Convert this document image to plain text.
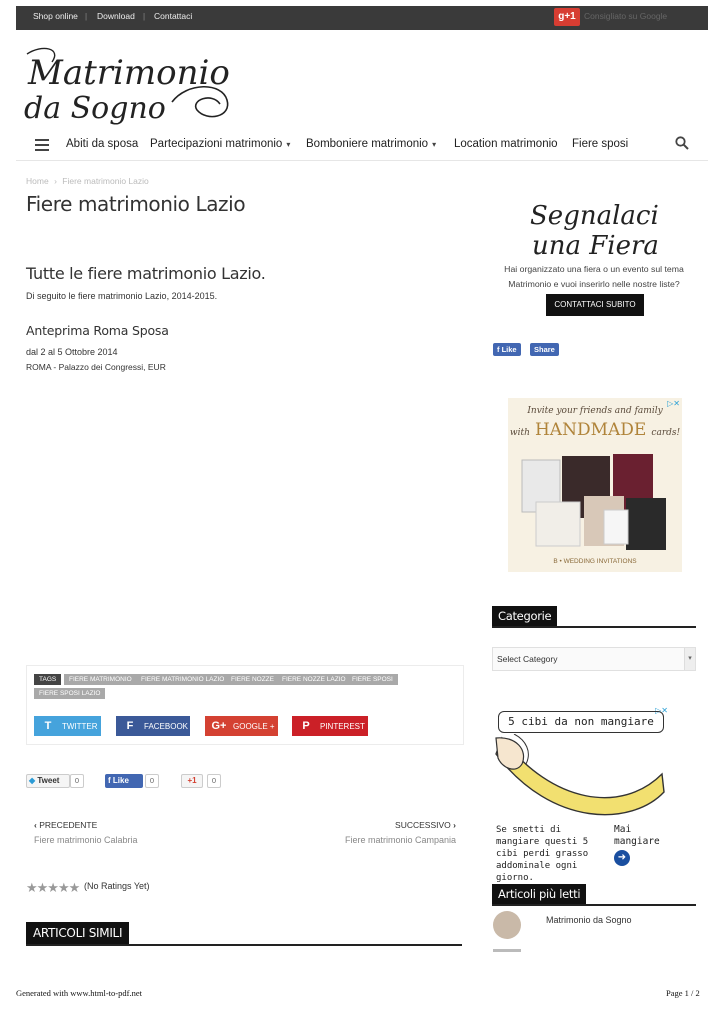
Shop online | Download | Contattaci	g+1 Consigliato su Google
Matrimonio
da Sogno
Abiti da sposa Partecipazioni matrimonio ▾ Bomboniere matrimonio ▾ Location matrimonio Fiere sposi
Home › Fiere matrimonio Lazio
Fiere matrimonio Lazio
Tutte le fiere matrimonio Lazio.
Di seguito le fiere matrimonio Lazio, 2014-2015.
Anteprima Roma Sposa
dal 2 al 5 Ottobre 2014
ROMA - Palazzo dei Congressi, EUR
TAGS	FIERE MATRIMONIO	FIERE MATRIMONIO LAZIO	FIERE NOZZE	FIERE NOZZE LAZIO FIERE SPOSI
FIERE SPOSI LAZIO
T TWITTER	F FACEBOOK	G+ GOOGLE +	P PINTEREST
◆ Tweet	0	f Like	0	+1	0
‹ PRECEDENTE
Fiere matrimonio Calabria
SUCCESSIVO ›
Fiere matrimonio Campania
★★★★★ (No Ratings Yet)
ARTICOLI SIMILI
Segnalaci
una Fiera
Hai organizzato una fiera o un evento sul tema
Matrimonio e vuoi inserirlo nelle nostre liste?
CONTATTACI SUBITO
f Like	Share
▷✕
Invite your friends and family
with HANDMADE cards!
B • WEDDING INVITATIONS
Categorie
Select Category	▾
▷✕
5 cibi da non mangiare
Se smetti di mangiare questi 5 cibi perdi grasso addominale ogni giorno.
Mai mangiare
➜
Articoli più letti
Matrimonio da Sogno
Generated with www.html-to-pdf.net	Page 1 / 2
